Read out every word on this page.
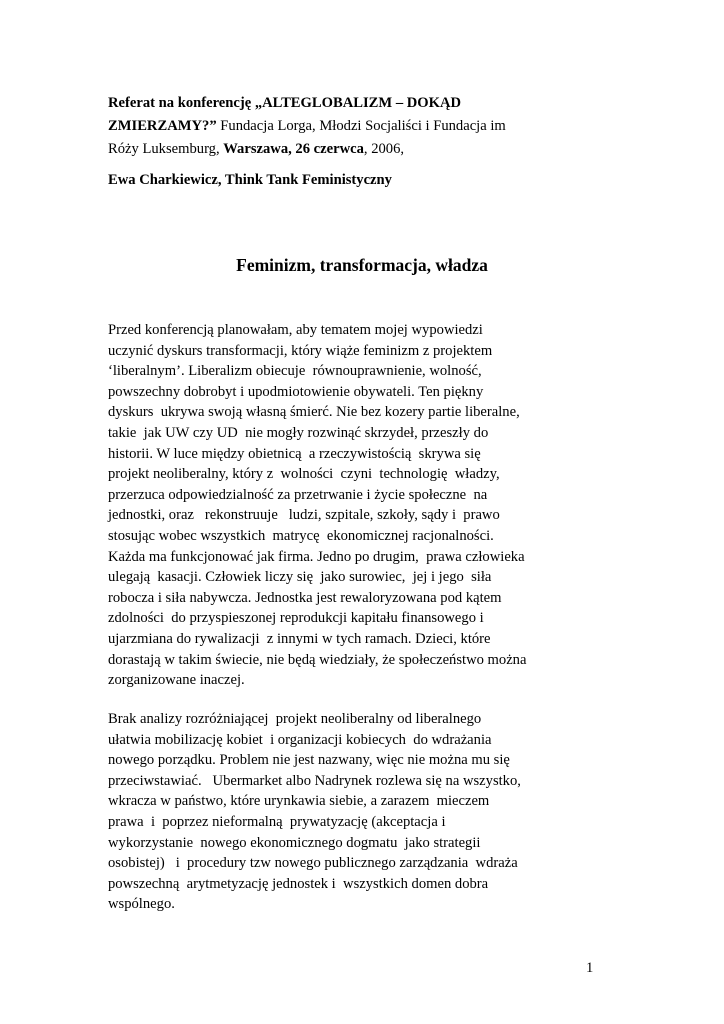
Referat na konferencję „ALTEGLOBALIZM – DOKĄD
ZMIERZAMY?” Fundacja Lorga, Młodzi Socjaliści i Fundacja im
Róży Luksemburg, Warszawa, 26 czerwca, 2006,
Ewa Charkiewicz, Think Tank Feministyczny
Feminizm, transformacja, władza
Przed konferencją planowałam, aby tematem mojej wypowiedzi
uczynić dyskurs transformacji, który wiąże feminizm z projektem
‘liberalnym’. Liberalizm obiecuje  równouprawnienie, wolność,
powszechny dobrobyt i upodmiotowienie obywateli. Ten piękny
dyskurs  ukrywa swoją własną śmierć. Nie bez kozery partie liberalne,
takie  jak UW czy UD  nie mogły rozwinąć skrzydeł, przeszły do
historii. W luce między obietnicą  a rzeczywistością  skrywa się
projekt neoliberalny, który z  wolności  czyni  technologię  władzy,
przerzuca odpowiedzialność za przetrwanie i życie społeczne  na
jednostki, oraz   rekonstruuje   ludzi, szpitale, szkoły, sądy i  prawo
stosując wobec wszystkich  matrycę  ekonomicznej racjonalności.
Każda ma funkcjonować jak firma. Jedno po drugim,  prawa człowieka
ulegają  kasacji. Człowiek liczy się  jako surowiec,  jej i jego  siła
robocza i siła nabywcza. Jednostka jest rewaloryzowana pod kątem
zdolności  do przyspieszonej reprodukcji kapitału finansowego i
ujarzmiana do rywalizacji  z innymi w tych ramach. Dzieci, które
dorastają w takim świecie, nie będą wiedziały, że społeczeństwo można
zorganizowane inaczej.
Brak analizy rozróżniającej  projekt neoliberalny od liberalnego
ułatwia mobilizację kobiet  i organizacji kobiecych  do wdrażania
nowego porządku. Problem nie jest nazwany, więc nie można mu się
przeciwstawiać.   Ubermarket albo Nadrynek rozlewa się na wszystko,
wkracza w państwo, które urynkawia siebie, a zarazem  mieczem
prawa  i  poprzez nieformalną  prywatyzację (akceptacja i
wykorzystanie  nowego ekonomicznego dogmatu  jako strategii
osobistej)   i  procedury tzw nowego publicznego zarządzania  wdraża
powszechną  arytmetyzację jednostek i  wszystkich domen dobra
wspólnego.
1
